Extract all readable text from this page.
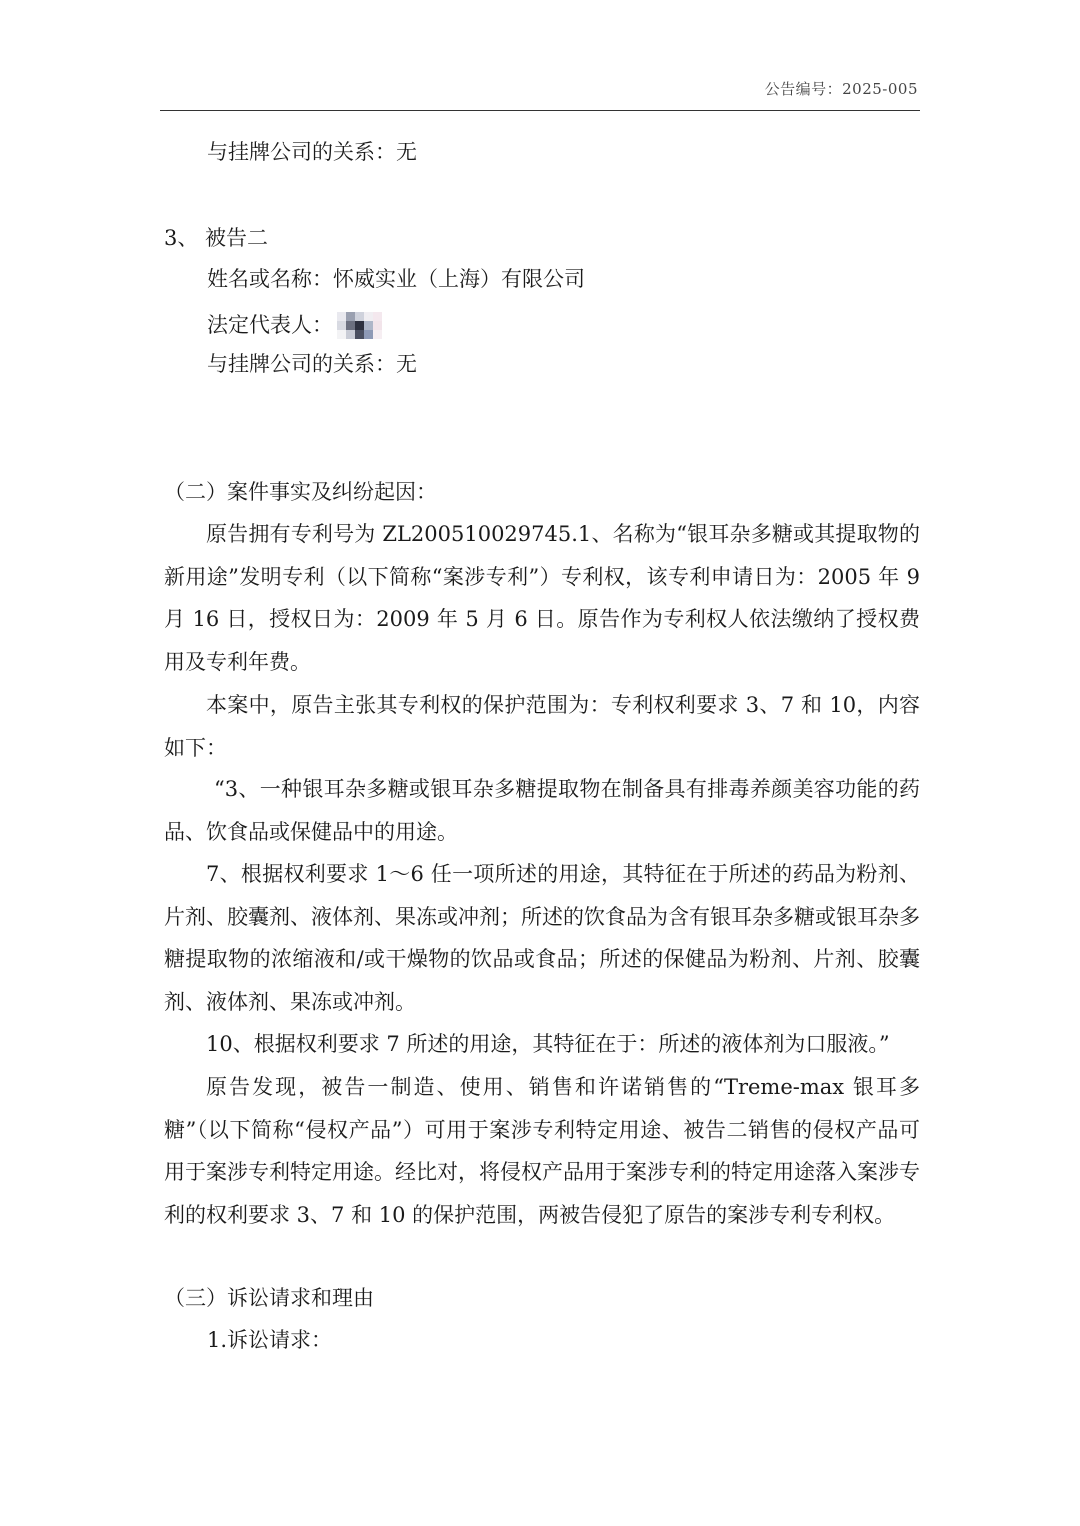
公告编号：2025-005
与挂牌公司的关系：无
3、 被告二
姓名或名称：怀威实业（上海）有限公司
法定代表人：
与挂牌公司的关系：无
（二）案件事实及纠纷起因：

原告拥有专利号为 ZL200510029745.1、名称为“银耳杂多糖或其提取物的新用途”发明专利（以下简称“案涉专利”）专利权，该专利申请日为：2005 年 9 月 16 日，授权日为：2009 年 5 月 6 日。原告作为专利权人依法缴纳了授权费用及专利年费。

本案中，原告主张其专利权的保护范围为：专利权利要求 3、7 和 10，内容如下：

“3、一种银耳杂多糖或银耳杂多糖提取物在制备具有排毒养颜美容功能的药品、饮食品或保健品中的用途。

7、根据权利要求 1～6 任一项所述的用途，其特征在于所述的药品为粉剂、片剂、胶囊剂、液体剂、果冻或冲剂；所述的饮食品为含有银耳杂多糖或银耳杂多糖提取物的浓缩液和/或干燥物的饮品或食品；所述的保健品为粉剂、片剂、胶囊剂、液体剂、果冻或冲剂。

10、根据权利要求 7 所述的用途，其特征在于：所述的液体剂为口服液。”

原告发现，被告一制造、使用、销售和许诺销售的“Treme-max 银耳多糖”（以下简称“侵权产品”）可用于案涉专利特定用途、被告二销售的侵权产品可用于案涉专利特定用途。经比对，将侵权产品用于案涉专利的特定用途落入案涉专利的权利要求 3、7 和 10 的保护范围，两被告侵犯了原告的案涉专利专利权。

（三）诉讼请求和理由
1.诉讼请求：
